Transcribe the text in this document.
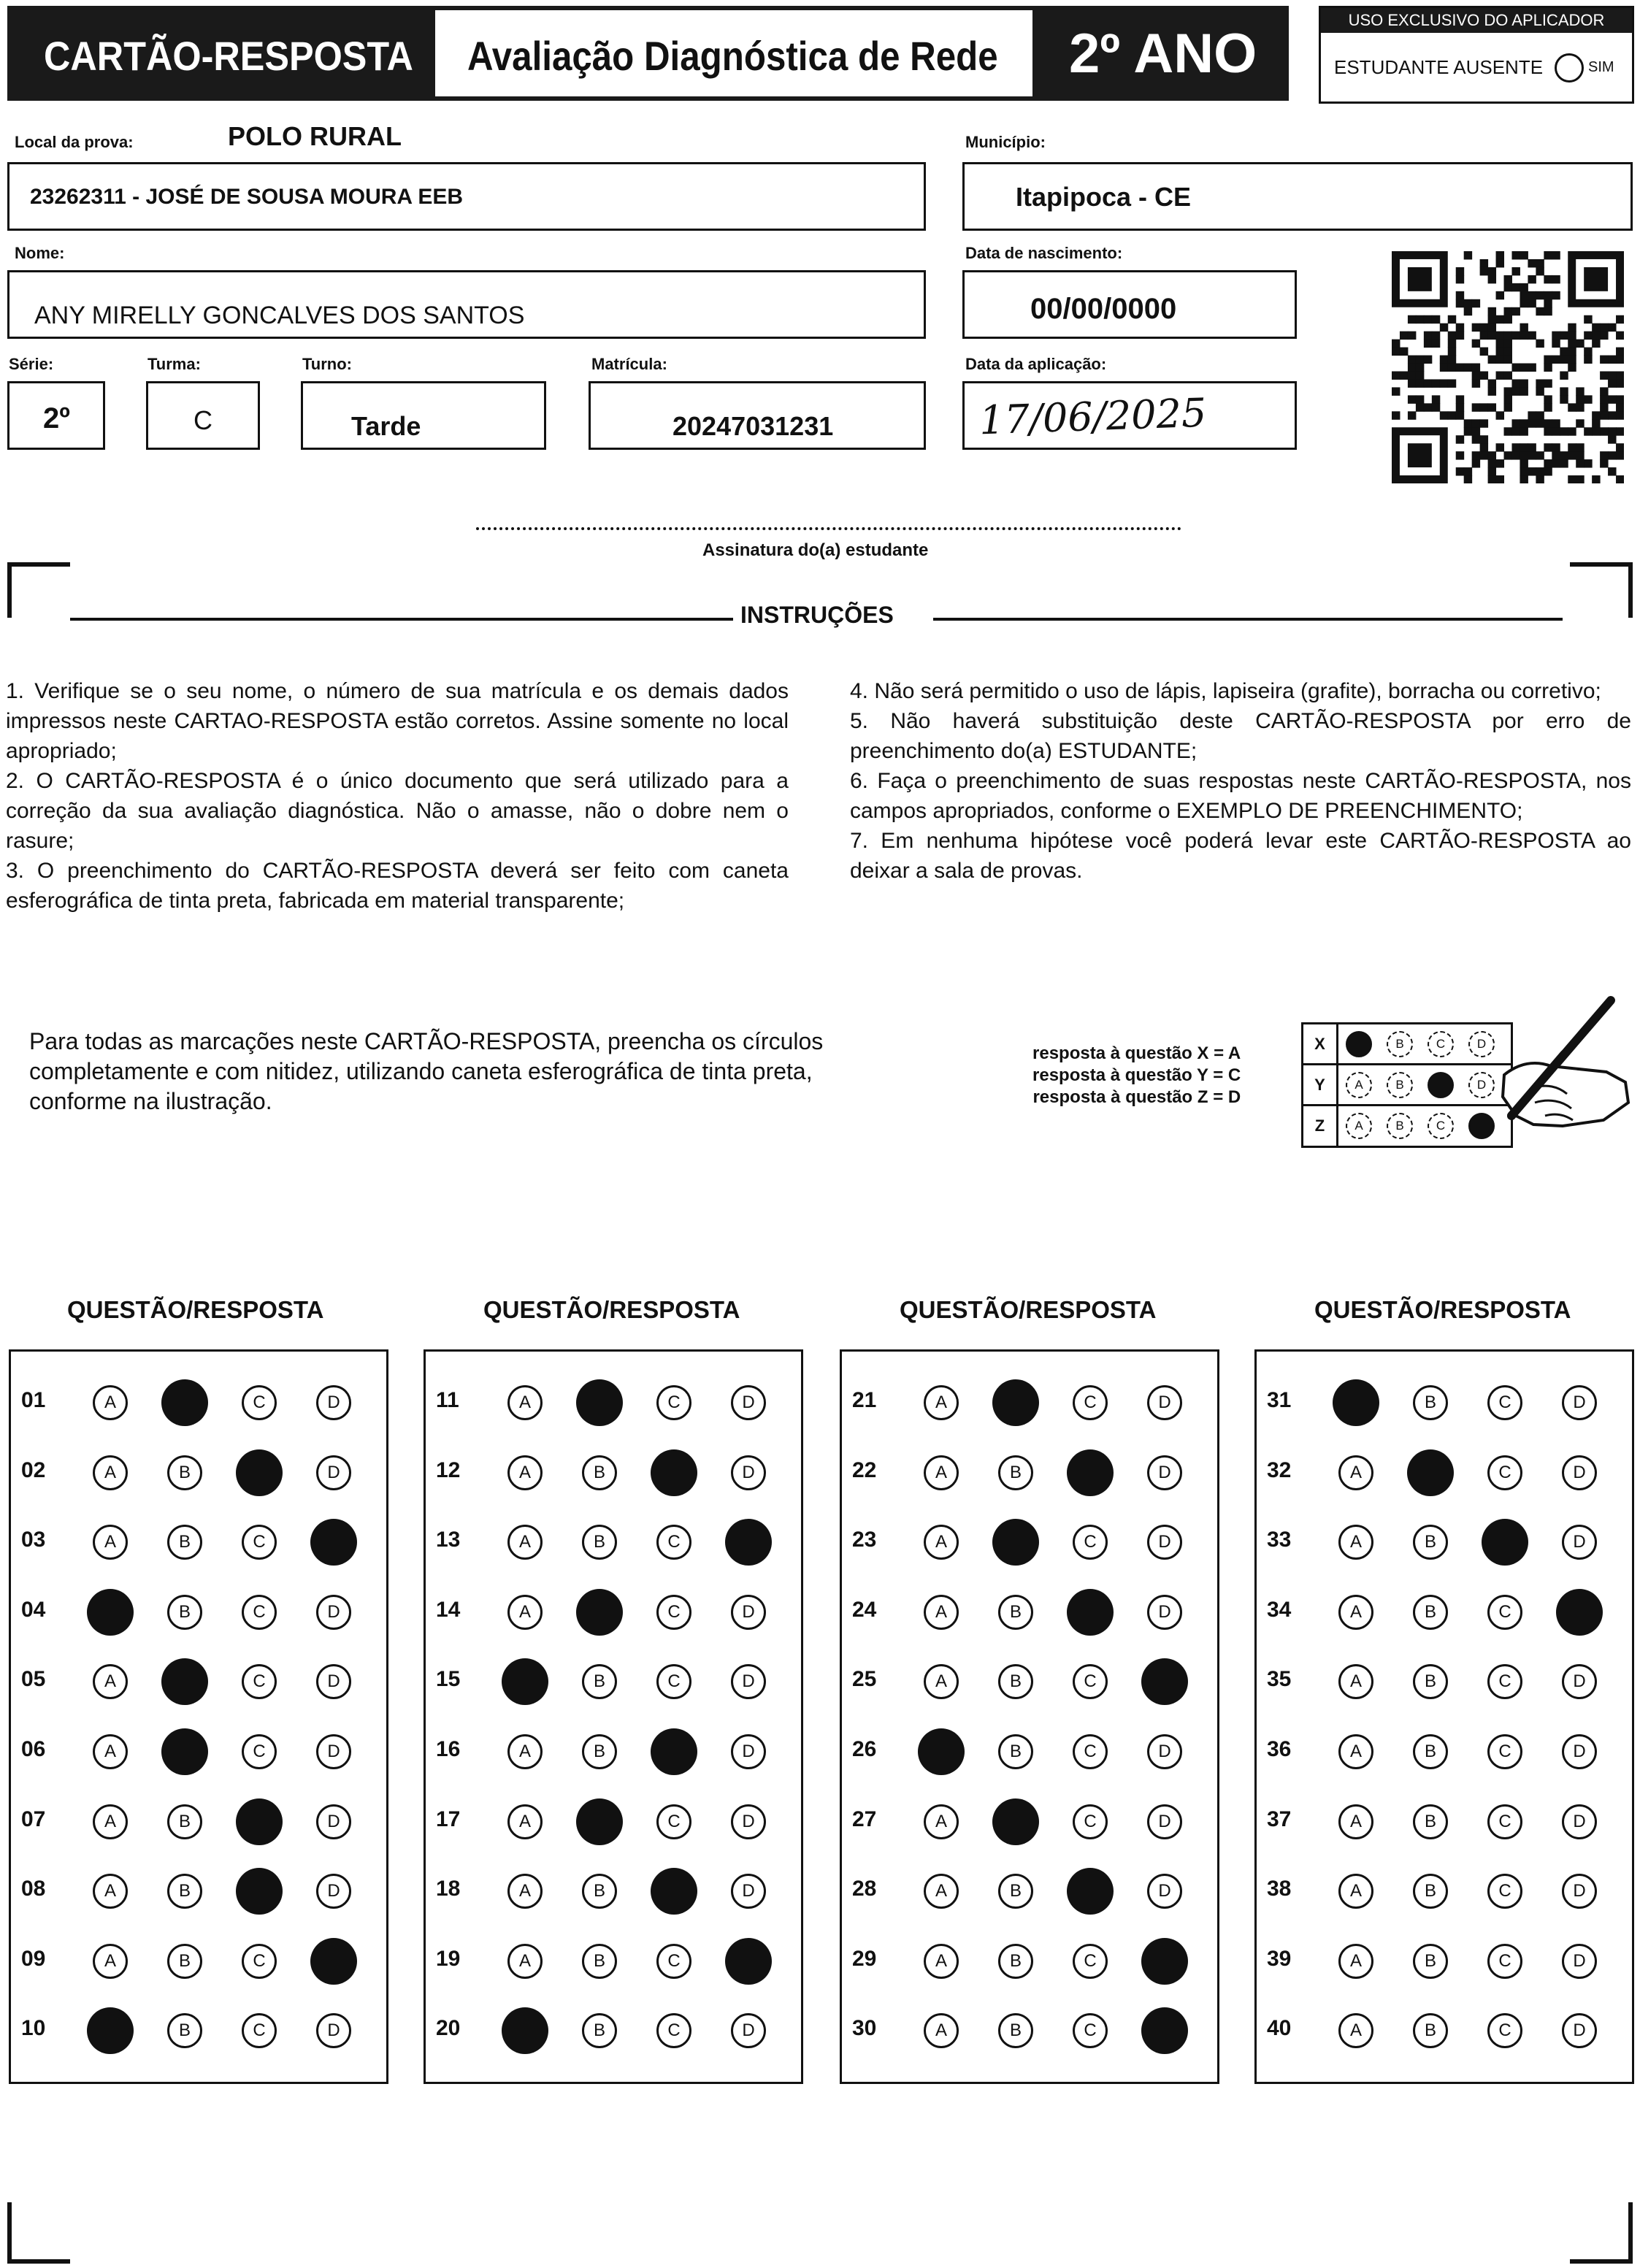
CARTÃO-RESPOSTA Avaliação Diagnóstica de Rede 2º ANO
USO EXCLUSIVO DO APLICADOR
ESTUDANTE AUSENTE	SIM
Local da prova:	POLO RURAL
23262311 - JOSÉ DE SOUSA MOURA EEB
Município:
Itapipoca - CE
Nome:
ANY MIRELLY GONCALVES DOS SANTOS
Data de nascimento:
00/00/0000
Série:
2º
Turma:
C
Turno:
Tarde
Matrícula:
20247031231
Data da aplicação:
17/06/2025
Assinatura do(a) estudante
INSTRUÇÕES
1. Verifique se o seu nome, o número de sua matrícula e os demais dados impressos neste CARTAO-RESPOSTA estão corretos. Assine somente no local apropriado;
2. O CARTÃO-RESPOSTA é o único documento que será utilizado para a correção da sua avaliação diagnóstica. Não o amasse, não o dobre nem o rasure;
3. O preenchimento do CARTÃO-RESPOSTA deverá ser feito com caneta esferográfica de tinta preta, fabricada em material transparente;
4. Não será permitido o uso de lápis, lapiseira (grafite), borracha ou corretivo;
5. Não haverá substituição deste CARTÃO-RESPOSTA por erro de preenchimento do(a) ESTUDANTE;
6. Faça o preenchimento de suas respostas neste CARTÃO-RESPOSTA, nos campos apropriados, conforme o EXEMPLO DE PREENCHIMENTO;
7. Em nenhuma hipótese você poderá levar este CARTÃO-RESPOSTA ao deixar a sala de provas.
Para todas as marcações neste CARTÃO-RESPOSTA, preencha os círculos completamente e com nitidez, utilizando caneta esferográfica de tinta preta, conforme na ilustração.
resposta à questão X = A
resposta à questão Y = C
resposta à questão Z = D
X	B	C	D
Y	A	B	D
Z	A	B	C
QUESTÃO/RESPOSTA
01	A	C	D
02	A	B	D
03	A	B	C
04	B	C	D
05	A	C	D
06	A	C	D
07	A	B	D
08	A	B	D
09	A	B	C
10	B	C	D
QUESTÃO/RESPOSTA
11	A	C	D
12	A	B	D
13	A	B	C
14	A	C	D
15	B	C	D
16	A	B	D
17	A	C	D
18	A	B	D
19	A	B	C
20	B	C	D
QUESTÃO/RESPOSTA
21	A	C	D
22	A	B	D
23	A	C	D
24	A	B	D
25	A	B	C
26	B	C	D
27	A	C	D
28	A	B	D
29	A	B	C
30	A	B	C
QUESTÃO/RESPOSTA
31	B	C	D
32	A	C	D
33	A	B	D
34	A	B	C
35	A	B	C	D
36	A	B	C	D
37	A	B	C	D
38	A	B	C	D
39	A	B	C	D
40	A	B	C	D
